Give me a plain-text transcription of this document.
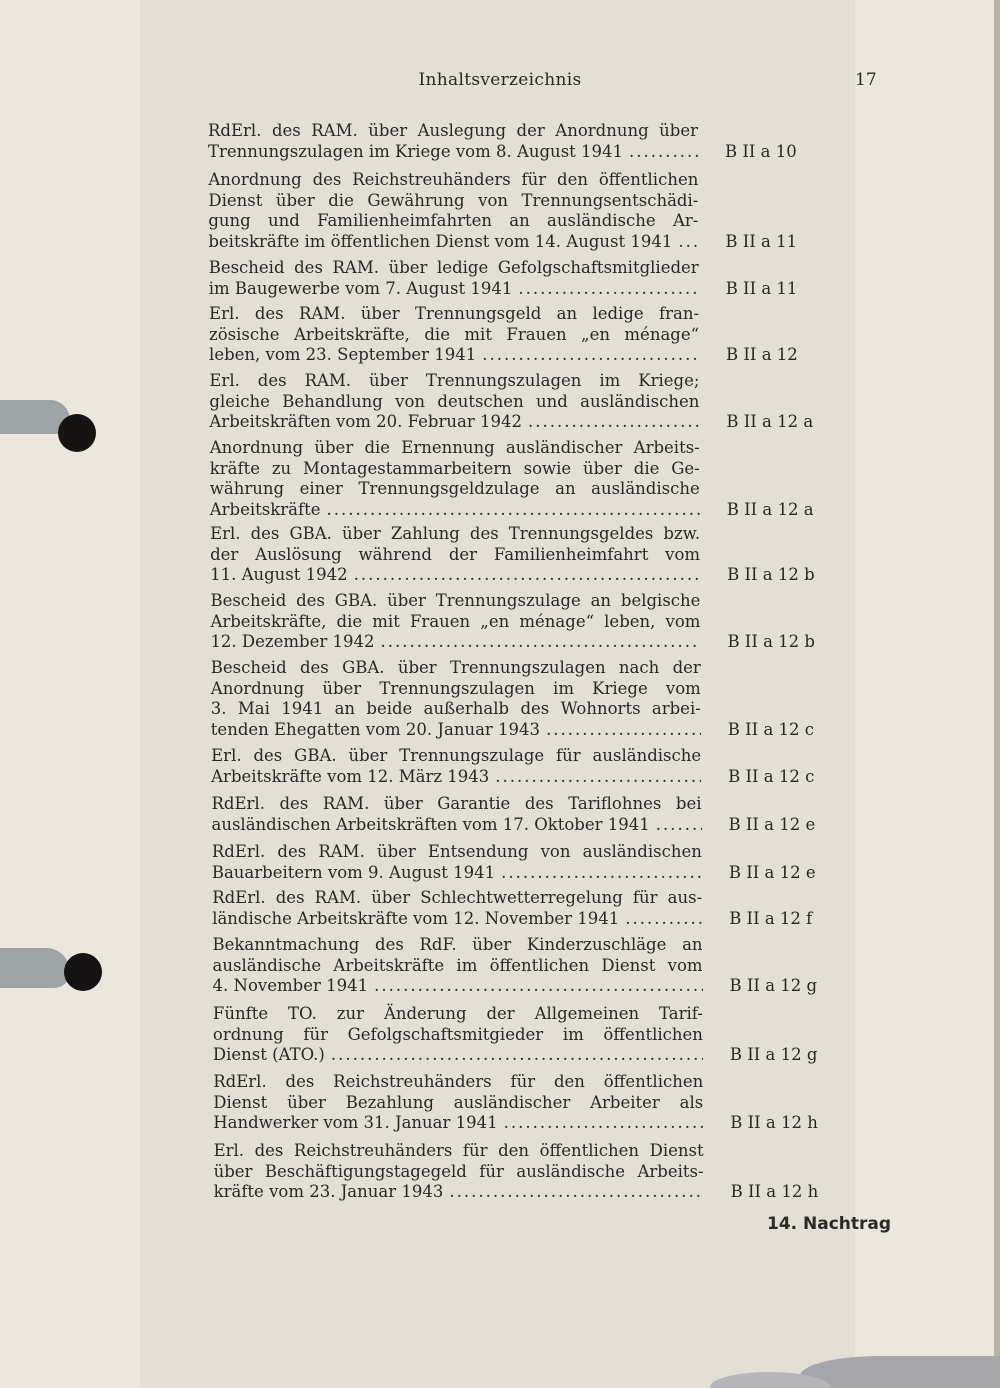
Inhaltsverzeichnis	17
RdErl. des RAM. über Auslegung der Anordnung über
Trennungszulagen im Kriege vom 8. August 1941 .....	B II a 10
Anordnung des Reichstreuhänders für den öffentlichen
Dienst über die Gewährung von Trennungsentschädi-
gung und Familienheimfahrten an ausländische Ar-
beitskräfte im öffentlichen Dienst vom 14. August 1941 .....	B II a 11
Bescheid des RAM. über ledige Gefolgschaftsmitglieder
im Baugewerbe vom 7. August 1941 .....	B II a 11
Erl. des RAM. über Trennungsgeld an ledige fran-
zösische Arbeitskräfte, die mit Frauen „en ménage“
leben, vom 23. September 1941 .....	B II a 12
Erl. des RAM. über Trennungszulagen im Kriege;
gleiche Behandlung von deutschen und ausländischen
Arbeitskräften vom 20. Februar 1942 .....	B II a 12 a
Anordnung über die Ernennung ausländischer Arbeits-
kräfte zu Montagestammarbeitern sowie über die Ge-
währung einer Trennungsgeldzulage an ausländische
Arbeitskräfte .....	B II a 12 a
Erl. des GBA. über Zahlung des Trennungsgeldes bzw.
der Auslösung während der Familienheimfahrt vom
11. August 1942 .....	B II a 12 b
Bescheid des GBA. über Trennungszulage an belgische
Arbeitskräfte, die mit Frauen „en ménage“ leben, vom
12. Dezember 1942 .....	B II a 12 b
Bescheid des GBA. über Trennungszulagen nach der
Anordnung über Trennungszulagen im Kriege vom
3. Mai 1941 an beide außerhalb des Wohnorts arbei-
tenden Ehegatten vom 20. Januar 1943 .....	B II a 12 c
Erl. des GBA. über Trennungszulage für ausländische
Arbeitskräfte vom 12. März 1943 .....	B II a 12 c
RdErl. des RAM. über Garantie des Tariflohnes bei
ausländischen Arbeitskräften vom 17. Oktober 1941 .....	B II a 12 e
RdErl. des RAM. über Entsendung von ausländischen
Bauarbeitern vom 9. August 1941 .....	B II a 12 e
RdErl. des RAM. über Schlechtwetterregelung für aus-
ländische Arbeitskräfte vom 12. November 1941 .....	B II a 12 f
Bekanntmachung des RdF. über Kinderzuschläge an
ausländische Arbeitskräfte im öffentlichen Dienst vom
4. November 1941 .....	B II a 12 g
Fünfte TO. zur Änderung der Allgemeinen Tarif-
ordnung für Gefolgschaftsmitgieder im öffentlichen
Dienst (ATO.) .....	B II a 12 g
RdErl. des Reichstreuhänders für den öffentlichen
Dienst über Bezahlung ausländischer Arbeiter als
Handwerker vom 31. Januar 1941 .....	B II a 12 h
Erl. des Reichstreuhänders für den öffentlichen Dienst
über Beschäftigungstagegeld für ausländische Arbeits-
kräfte vom 23. Januar 1943 .....	B II a 12 h
14. Nachtrag
